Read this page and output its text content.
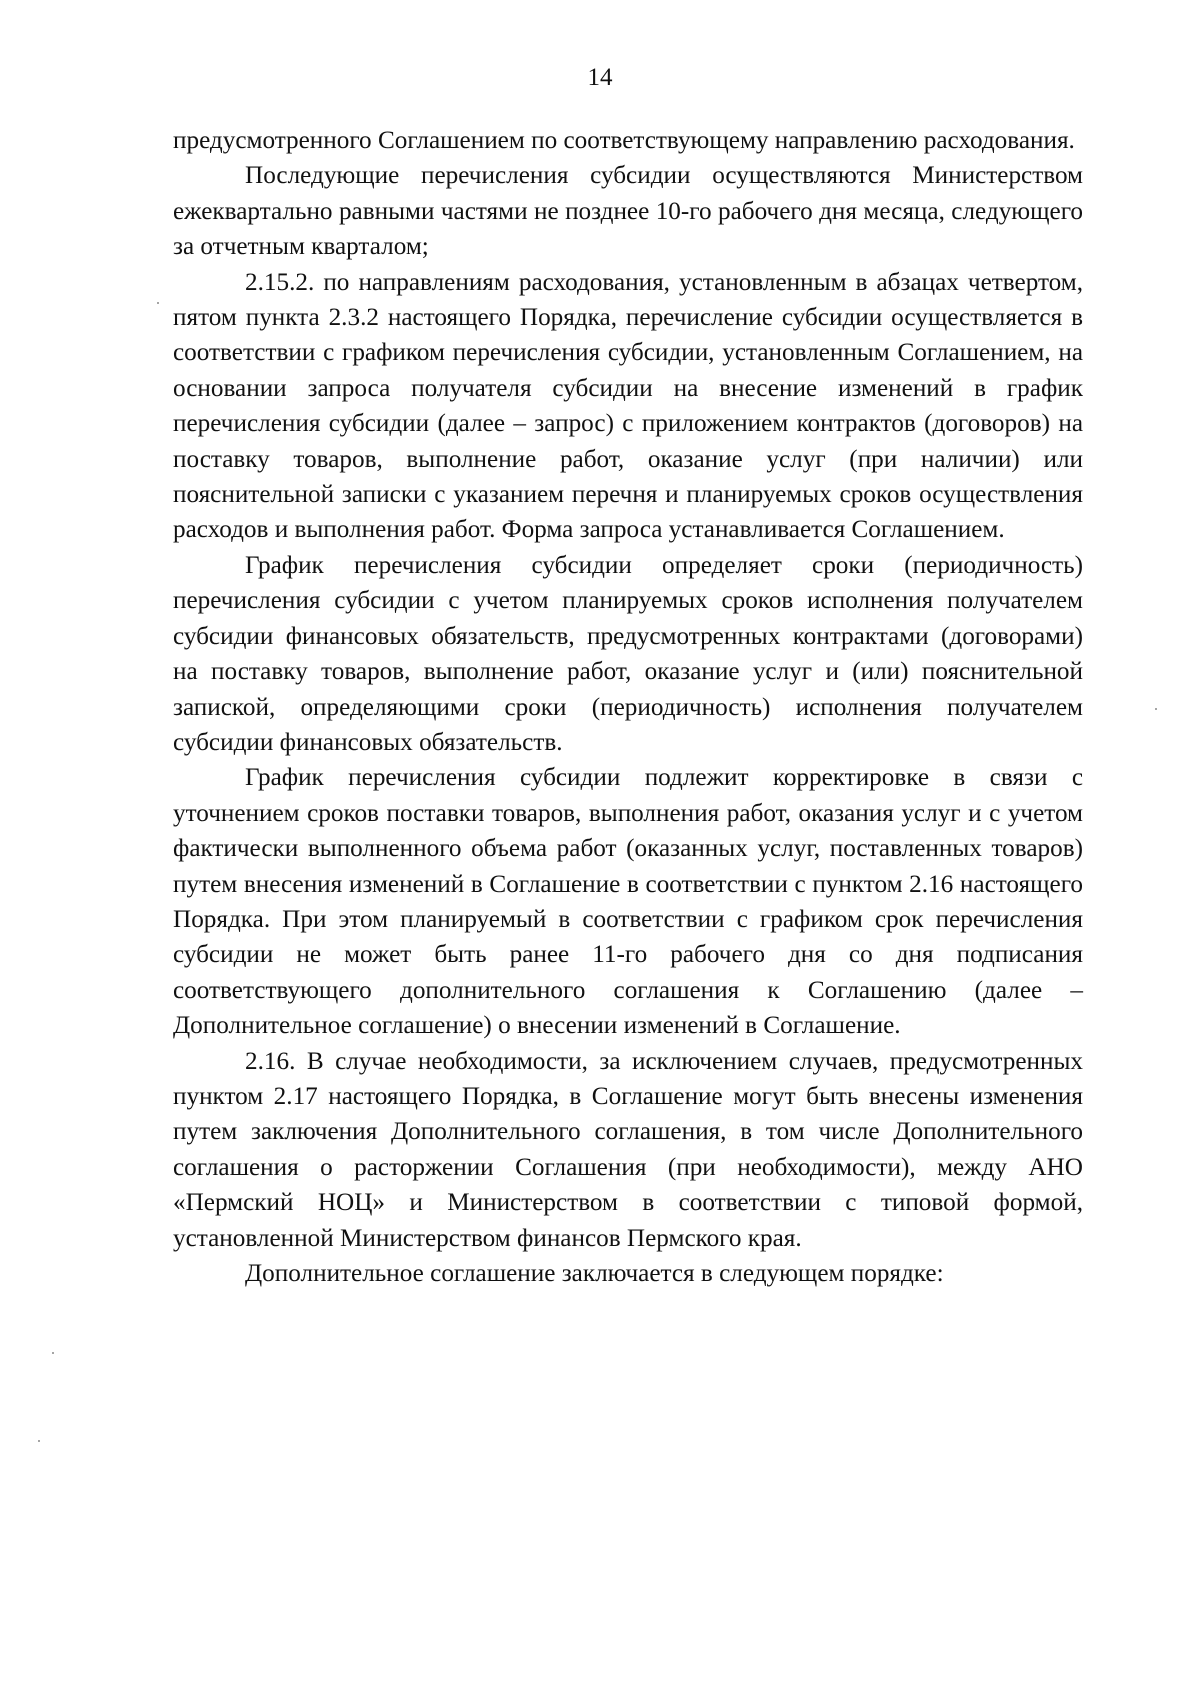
14

предусмотренного Соглашением по соответствующему направлению расходования.

Последующие перечисления субсидии осуществляются Министерством ежеквартально равными частями не позднее 10-го рабочего дня месяца, следующего за отчетным кварталом;

2.15.2. по направлениям расходования, установленным в абзацах четвертом, пятом пункта 2.3.2 настоящего Порядка, перечисление субсидии осуществляется в соответствии с графиком перечисления субсидии, установленным Соглашением, на основании запроса получателя субсидии на внесение изменений в график перечисления субсидии (далее – запрос) с приложением контрактов (договоров) на поставку товаров, выполнение работ, оказание услуг (при наличии) или пояснительной записки с указанием перечня и планируемых сроков осуществления расходов и выполнения работ. Форма запроса устанавливается Соглашением.

График перечисления субсидии определяет сроки (периодичность) перечисления субсидии с учетом планируемых сроков исполнения получателем субсидии финансовых обязательств, предусмотренных контрактами (договорами) на поставку товаров, выполнение работ, оказание услуг и (или) пояснительной запиской, определяющими сроки (периодичность) исполнения получателем субсидии финансовых обязательств.

График перечисления субсидии подлежит корректировке в связи с уточнением сроков поставки товаров, выполнения работ, оказания услуг и с учетом фактически выполненного объема работ (оказанных услуг, поставленных товаров) путем внесения изменений в Соглашение в соответствии с пунктом 2.16 настоящего Порядка. При этом планируемый в соответствии с графиком срок перечисления субсидии не может быть ранее 11-го рабочего дня со дня подписания соответствующего дополнительного соглашения к Соглашению (далее – Дополнительное соглашение) о внесении изменений в Соглашение.

2.16. В случае необходимости, за исключением случаев, предусмотренных пунктом 2.17 настоящего Порядка, в Соглашение могут быть внесены изменения путем заключения Дополнительного соглашения, в том числе Дополнительного соглашения о расторжении Соглашения (при необходимости), между АНО «Пермский НОЦ» и Министерством в соответствии с типовой формой, установленной Министерством финансов Пермского края.

Дополнительное соглашение заключается в следующем порядке:
